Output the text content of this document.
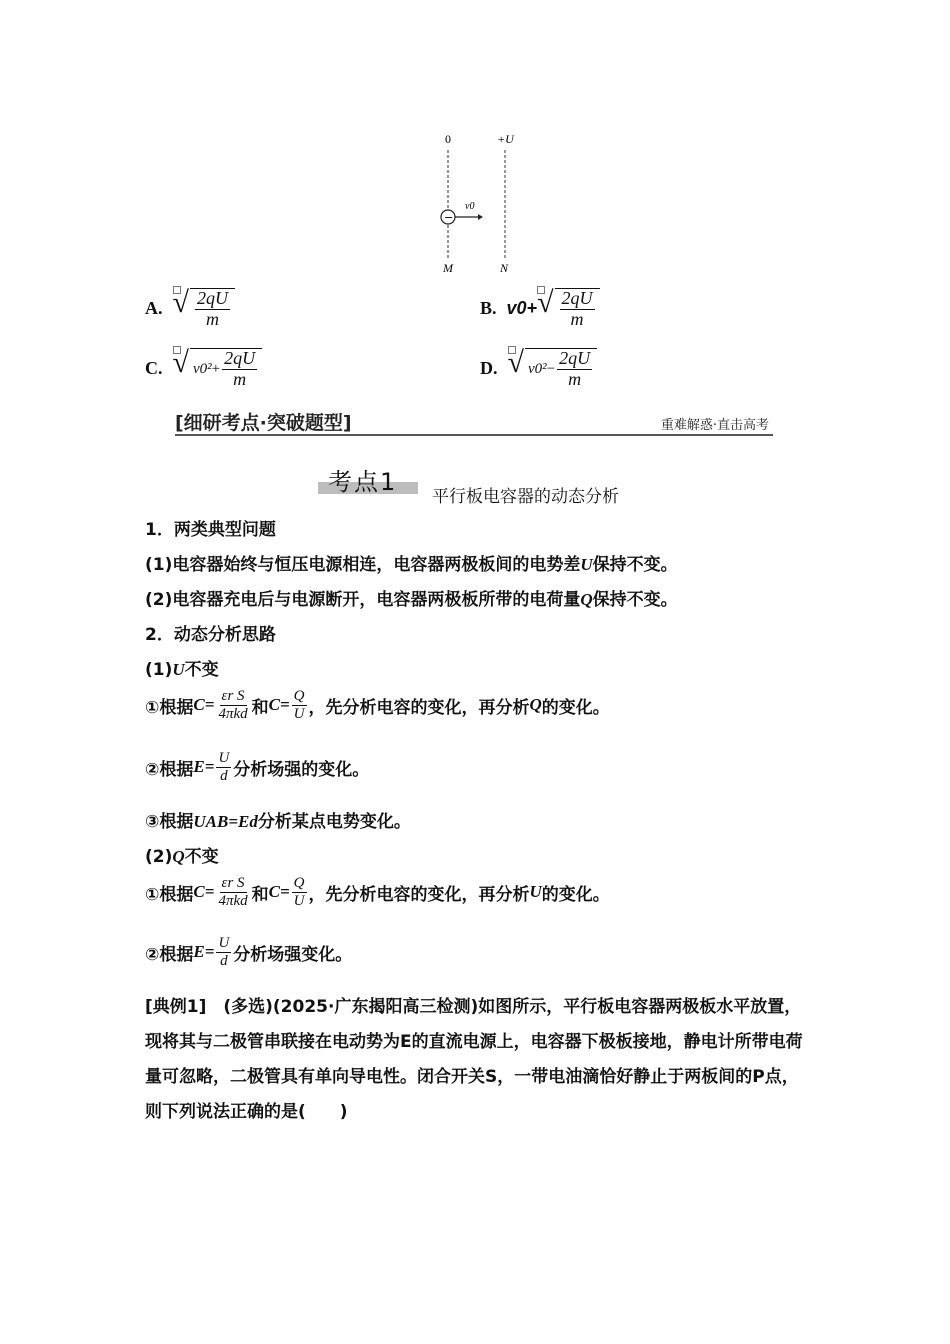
−
v0
0	+U
M	N
A. √ $\frac{2qU}{m}$	B. v0+ √ $\frac{2qU}{m}$
C. √ $v0^2 + \frac{2qU}{m}$	D. √ $v0^2 - \frac{2qU}{m}$
[细研考点·突破题型]	重难解惑·直击高考
考点1
平行板电容器的动态分析
1．两类典型问题
(1)电容器始终与恒压电源相连，电容器两极板间的电势差U保持不变。
(2)电容器充电后与电源断开，电容器两极板所带的电荷量Q保持不变。
2．动态分析思路
(1)U不变
①根据 $C= \frac{\text{εr S}}{\text{4πkd}}$ 和 $C= \frac{Q}{U}$ ，先分析电容的变化，再分析 Q 的变化。
②根据 $E= \frac{U}{d}$ 分析场强的变化。
③根据UAB=Ed分析某点电势变化。
(2)Q不变
①根据 $C= \frac{\text{εr S}}{\text{4πkd}}$ 和 $C= \frac{Q}{U}$ ，先分析电容的变化，再分析 U 的变化。
②根据 $E= \frac{U}{d}$ 分析场强变化。
[典例1]　(多选)(2025·广东揭阳高三检测)如图所示，平行板电容器两极板水平放置，现将其与二极管串联接在电动势为E的直流电源上，电容器下极板接地，静电计所带电荷量可忽略，二极管具有单向导电性。闭合开关S，一带电油滴恰好静止于两板间的P点，则下列说法正确的是(　　)
